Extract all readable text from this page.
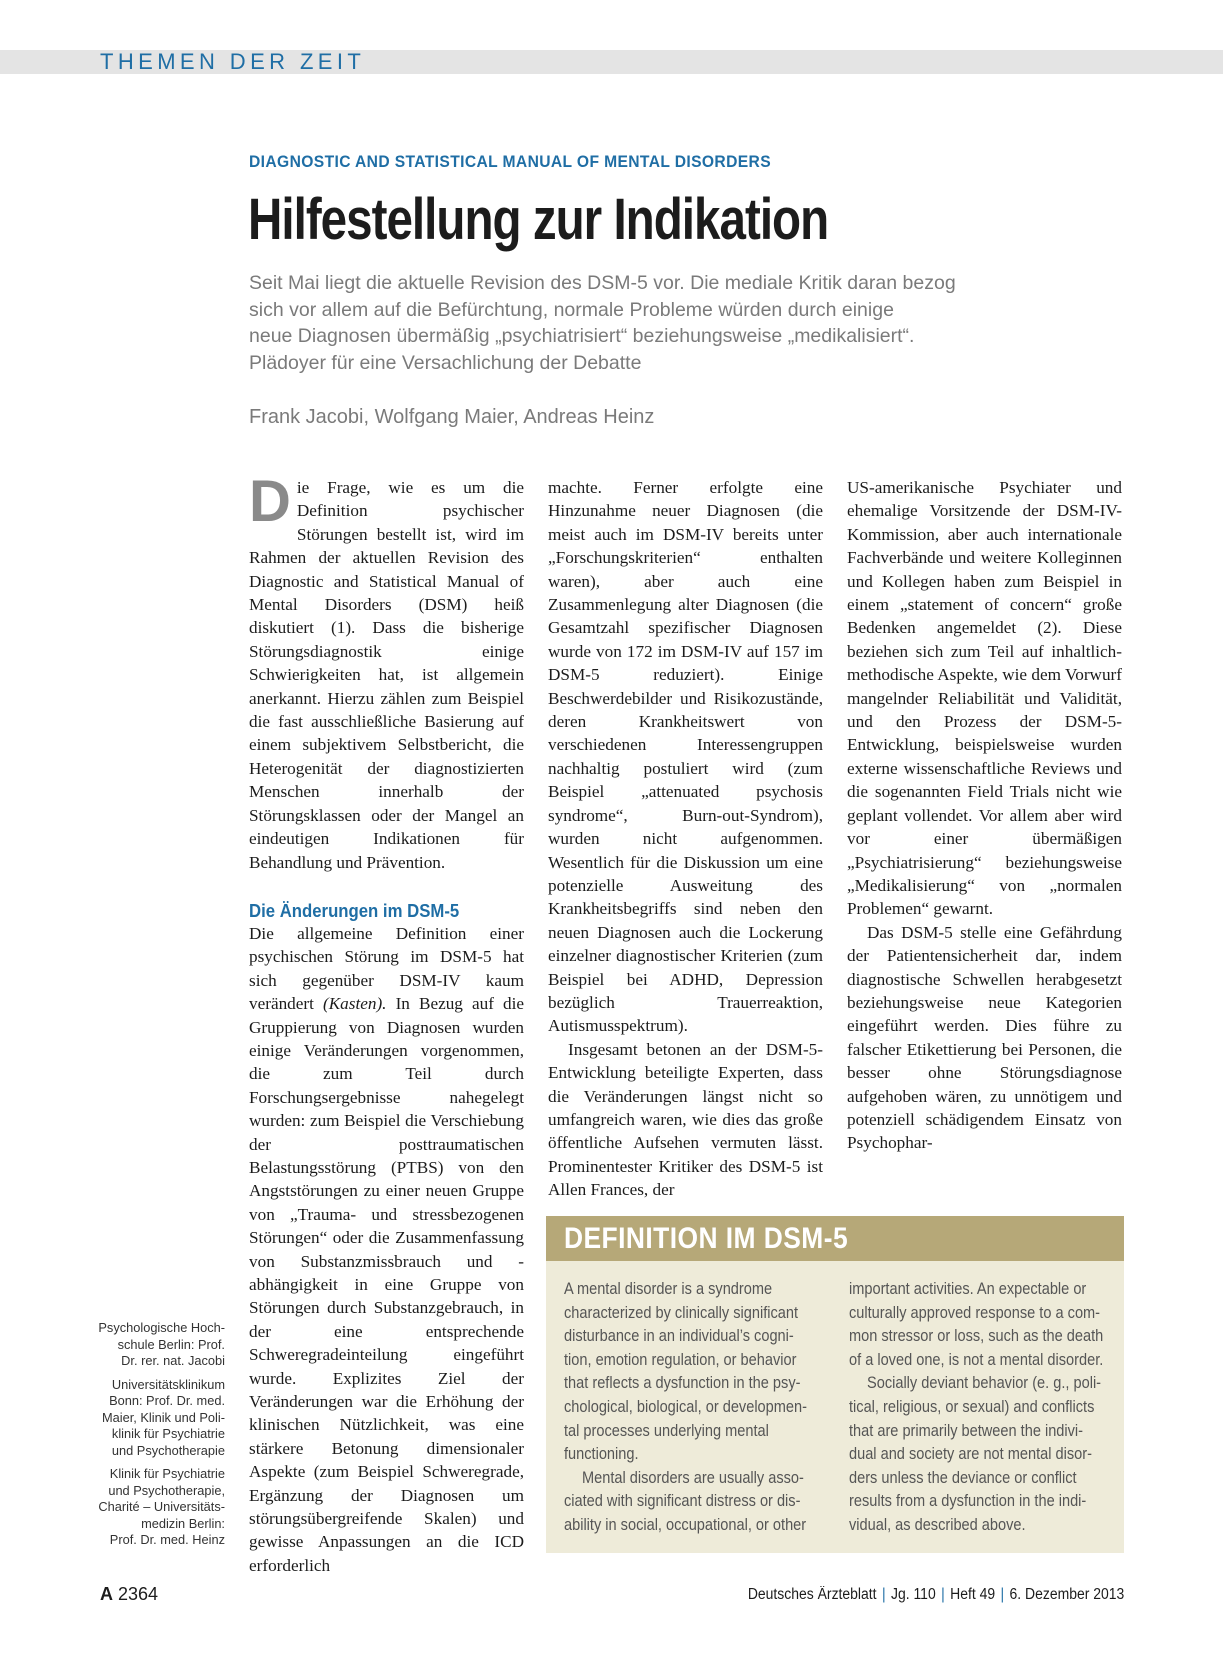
THEMEN DER ZEIT
DIAGNOSTIC AND STATISTICAL MANUAL OF MENTAL DISORDERS
Hilfestellung zur Indikation
Seit Mai liegt die aktuelle Revision des DSM-5 vor. Die mediale Kritik daran bezog
sich vor allem auf die Befürchtung, normale Probleme würden durch einige
neue Diagnosen übermäßig „psychiatrisiert“ beziehungsweise „medikalisiert“.
Plädoyer für eine Versachlichung der Debatte
Frank Jacobi, Wolfgang Maier, Andreas Heinz

Die Frage, wie es um die Definition psychischer Störungen bestellt ist, wird im Rahmen der aktuellen Revision des Diagnostic and Statistical Manual of Mental Disorders (DSM) heiß diskutiert (1). Dass die bisherige Störungsdiagnostik einige Schwierigkeiten hat, ist allgemein anerkannt. Hierzu zählen zum Beispiel die fast ausschließliche Basierung auf einem subjektivem Selbstbericht, die Heterogenität der diagnostizierten Menschen innerhalb der Störungsklassen oder der Mangel an eindeutigen Indikationen für Behandlung und Prävention.

Die Änderungen im DSM-5

Die allgemeine Definition einer psychischen Störung im DSM-5 hat sich gegenüber DSM-IV kaum verändert (Kasten). In Bezug auf die Gruppierung von Diagnosen wurden einige Veränderungen vorgenommen, die zum Teil durch Forschungsergebnisse nahegelegt wurden: zum Beispiel die Verschiebung der posttraumatischen Belastungsstörung (PTBS) von den Angststörungen zu einer neuen Gruppe von „Trauma- und stressbezogenen Störungen“ oder die Zusammenfassung von Substanzmissbrauch und -abhängigkeit in eine Gruppe von Störungen durch Substanzgebrauch, in der eine entsprechende Schweregradeinteilung eingeführt wurde. Explizites Ziel der Veränderungen war die Erhöhung der klinischen Nützlichkeit, was eine stärkere Betonung dimensionaler Aspekte (zum Beispiel Schweregrade, Ergänzung der Diagnosen um störungsübergreifende Skalen) und gewisse Anpassungen an die ICD erforderlich

machte. Ferner erfolgte eine Hinzunahme neuer Diagnosen (die meist auch im DSM-IV bereits unter „Forschungskriterien“ enthalten waren), aber auch eine Zusammenlegung alter Diagnosen (die Gesamtzahl spezifischer Diagnosen wurde von 172 im DSM-IV auf 157 im DSM-5 reduziert). Einige Beschwerdebilder und Risikozustände, deren Krankheitswert von verschiedenen Interessengruppen nachhaltig postuliert wird (zum Beispiel „attenuated psychosis syndrome“, Burn-out-Syndrom), wurden nicht aufgenommen. Wesentlich für die Diskussion um eine potenzielle Ausweitung des Krankheitsbegriffs sind neben den neuen Diagnosen auch die Lockerung einzelner diagnostischer Kriterien (zum Beispiel bei ADHD, Depression bezüglich Trauerreaktion, Autismusspektrum).

Insgesamt betonen an der DSM-5-Entwicklung beteiligte Experten, dass die Veränderungen längst nicht so umfangreich waren, wie dies das große öffentliche Aufsehen vermuten lässt. Prominentester Kritiker des DSM-5 ist Allen Frances, der

US-amerikanische Psychiater und ehemalige Vorsitzende der DSM-IV-Kommission, aber auch internationale Fachverbände und weitere Kolleginnen und Kollegen haben zum Beispiel in einem „statement of concern“ große Bedenken angemeldet (2). Diese beziehen sich zum Teil auf inhaltlich-methodische Aspekte, wie dem Vorwurf mangelnder Reliabilität und Validität, und den Prozess der DSM-5-Entwicklung, beispielsweise wurden externe wissenschaftliche Reviews und die sogenannten Field Trials nicht wie geplant vollendet. Vor allem aber wird vor einer übermäßigen „Psychiatrisierung“ beziehungsweise „Medikalisierung“ von „normalen Problemen“ gewarnt.

Das DSM-5 stelle eine Gefährdung der Patientensicherheit dar, indem diagnostische Schwellen herabgesetzt beziehungsweise neue Kategorien eingeführt werden. Dies führe zu falscher Etikettierung bei Personen, die besser ohne Störungsdiagnose aufgehoben wären, zu unnötigem und potenziell schädigendem Einsatz von Psychophar-

DEFINITION IM DSM-5

A mental disorder is a syndrome
characterized by clinically significant
disturbance in an individual’s cogni-
tion, emotion regulation, or behavior
that reflects a dysfunction in the psy-
chological, biological, or developmen-
tal processes underlying mental
functioning.

Mental disorders are usually asso-
ciated with significant distress or dis-
ability in social, occupational, or other

important activities. An expectable or
culturally approved response to a com-
mon stressor or loss, such as the death
of a loved one, is not a mental disorder.

Socially deviant behavior (e. g., poli-
tical, religious, or sexual) and conflicts
that are primarily between the indivi-
dual and society are not mental disor-
ders unless the deviance or conflict
results from a dysfunction in the indi-
vidual, as described above.

Psychologische Hoch-
schule Berlin: Prof.
Dr. rer. nat. Jacobi

Universitätsklinikum
Bonn: Prof. Dr. med.
Maier, Klinik und Poli-
klinik für Psychiatrie
und Psychotherapie

Klinik für Psychiatrie
und Psychotherapie,
Charité – Universitäts-
medizin Berlin:
Prof. Dr. med. Heinz

A 2364	Deutsches Ärzteblatt | Jg. 110 | Heft 49 | 6. Dezember 2013
